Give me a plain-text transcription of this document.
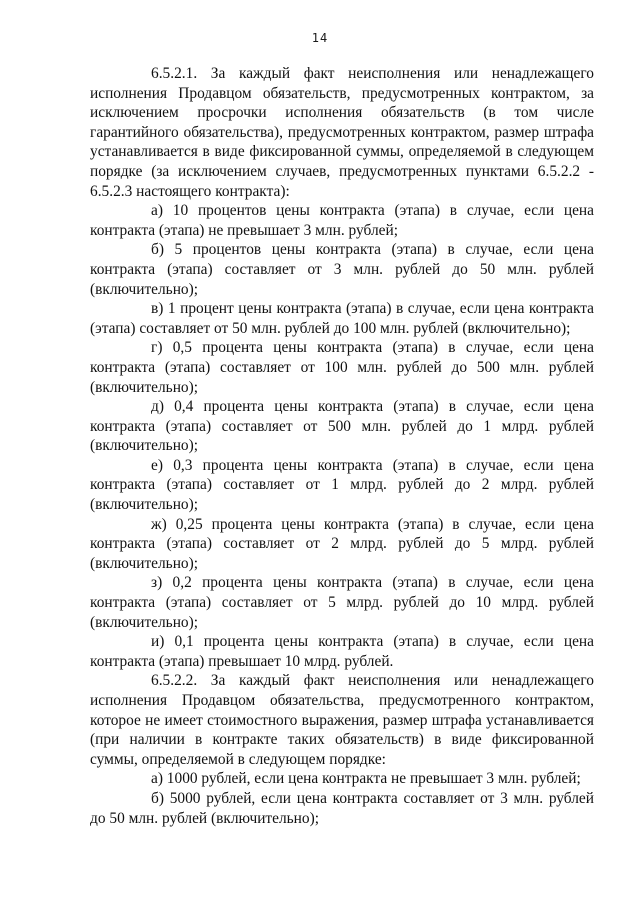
14

6.5.2.1. За каждый факт неисполнения или ненадлежащего исполнения Продавцом обязательств, предусмотренных контрактом, за исключением просрочки исполнения обязательств (в том числе гарантийного обязательства), предусмотренных контрактом, размер штрафа устанавливается в виде фиксированной суммы, определяемой в следующем порядке (за исключением случаев, предусмотренных пунктами 6.5.2.2 - 6.5.2.3 настоящего контракта):

а) 10 процентов цены контракта (этапа) в случае, если цена контракта (этапа) не превышает 3 млн. рублей;

б) 5 процентов цены контракта (этапа) в случае, если цена контракта (этапа) составляет от 3 млн. рублей до 50 млн. рублей (включительно);

в) 1 процент цены контракта (этапа) в случае, если цена контракта (этапа) составляет от 50 млн. рублей до 100 млн. рублей (включительно);

г) 0,5 процента цены контракта (этапа) в случае, если цена контракта (этапа) составляет от 100 млн. рублей до 500 млн. рублей (включительно);

д) 0,4 процента цены контракта (этапа) в случае, если цена контракта (этапа) составляет от 500 млн. рублей до 1 млрд. рублей (включительно);

е) 0,3 процента цены контракта (этапа) в случае, если цена контракта (этапа) составляет от 1 млрд. рублей до 2 млрд. рублей (включительно);

ж) 0,25 процента цены контракта (этапа) в случае, если цена контракта (этапа) составляет от 2 млрд. рублей до 5 млрд. рублей (включительно);

з) 0,2 процента цены контракта (этапа) в случае, если цена контракта (этапа) составляет от 5 млрд. рублей до 10 млрд. рублей (включительно);

и) 0,1 процента цены контракта (этапа) в случае, если цена контракта (этапа) превышает 10 млрд. рублей.

6.5.2.2. За каждый факт неисполнения или ненадлежащего исполнения Продавцом обязательства, предусмотренного контрактом, которое не имеет стоимостного выражения, размер штрафа устанавливается (при наличии в контракте таких обязательств) в виде фиксированной суммы, определяемой в следующем порядке:

а) 1000 рублей, если цена контракта не превышает 3 млн. рублей;

б) 5000 рублей, если цена контракта составляет от 3 млн. рублей до 50 млн. рублей (включительно);
